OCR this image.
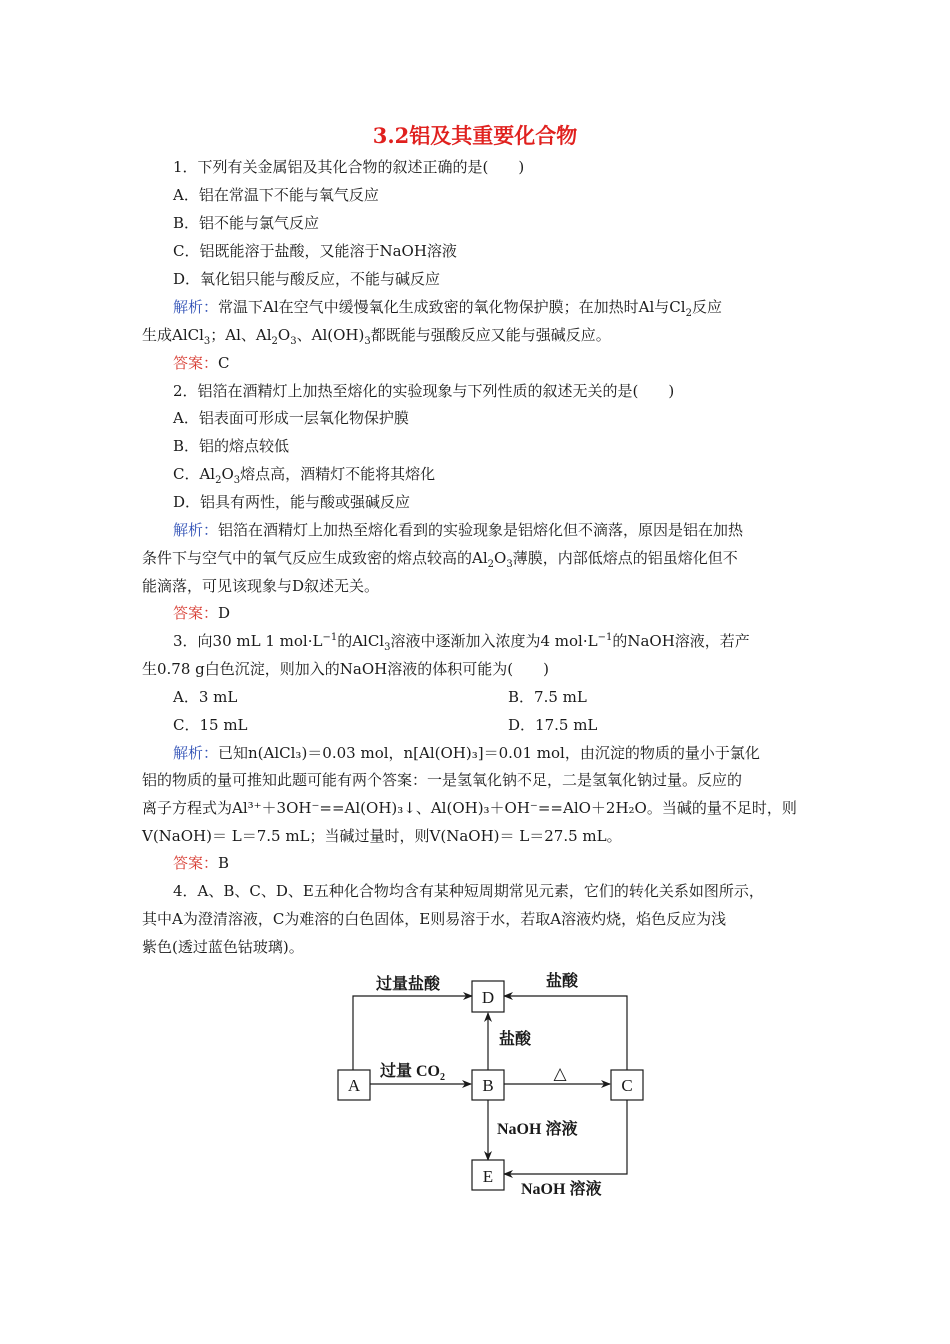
3.2铝及其重要化合物
1．下列有关金属铝及其化合物的叙述正确的是(　　)
A．铝在常温下不能与氧气反应
B．铝不能与氯气反应
C．铝既能溶于盐酸，又能溶于NaOH溶液
D．氧化铝只能与酸反应，不能与碱反应
解析：常温下Al在空气中缓慢氧化生成致密的氧化物保护膜；在加热时Al与$Cl_2$反应
生成AlCl$_3$；Al、$Al_2O_3$、$Al(OH)_3$都既能与强酸反应又能与强碱反应。
答案：C
2．铝箔在酒精灯上加热至熔化的实验现象与下列性质的叙述无关的是(　　)
A．铝表面可形成一层氧化物保护膜
B．铝的熔点较低
C．$Al_2O_3$熔点高，酒精灯不能将其熔化
D．铝具有两性，能与酸或强碱反应
解析：铝箔在酒精灯上加热至熔化看到的实验现象是铝熔化但不滴落，原因是铝在加热
条件下与空气中的氧气反应生成致密的熔点较高的$Al_2O_3$薄膜，内部低熔点的铝虽熔化但不
能滴落，可见该现象与D叙述无关。
答案：D
3．向30 mL 1 $mol\cdot L^{-1}$的AlCl$_3$溶液中逐渐加入浓度为4 $mol\cdot L^{-1}$的NaOH溶液，若产
生0.78 g白色沉淀，则加入的NaOH溶液的体积可能为(　　)
A．3 mL	B．7.5 mL
C．15 mL	D．17.5 mL
解析：已知n(AlCl₃)＝0.03 mol，n[Al(OH)₃]＝0.01 mol，由沉淀的物质的量小于氯化
铝的物质的量可推知此题可能有两个答案：一是氢氧化钠不足，二是氢氧化钠过量。反应的
离子方程式为Al³⁺＋3OH⁻==Al(OH)₃↓、Al(OH)₃＋OH⁻==AlO＋2H₂O。当碱的量不足时，则
V(NaOH)＝ L＝7.5 mL；当碱过量时，则V(NaOH)＝ L＝27.5 mL。
答案：B
4．A、B、C、D、E五种化合物均含有某种短周期常见元素，它们的转化关系如图所示，
其中A为澄清溶液，C为难溶的白色固体，E则易溶于水，若取A溶液灼烧，焰色反应为浅
紫色(透过蓝色钴玻璃)。
A	B	C
D
E
过量盐酸	盐酸
盐酸
过量 $CO_2$
NaOH 溶液
NaOH 溶液
△
